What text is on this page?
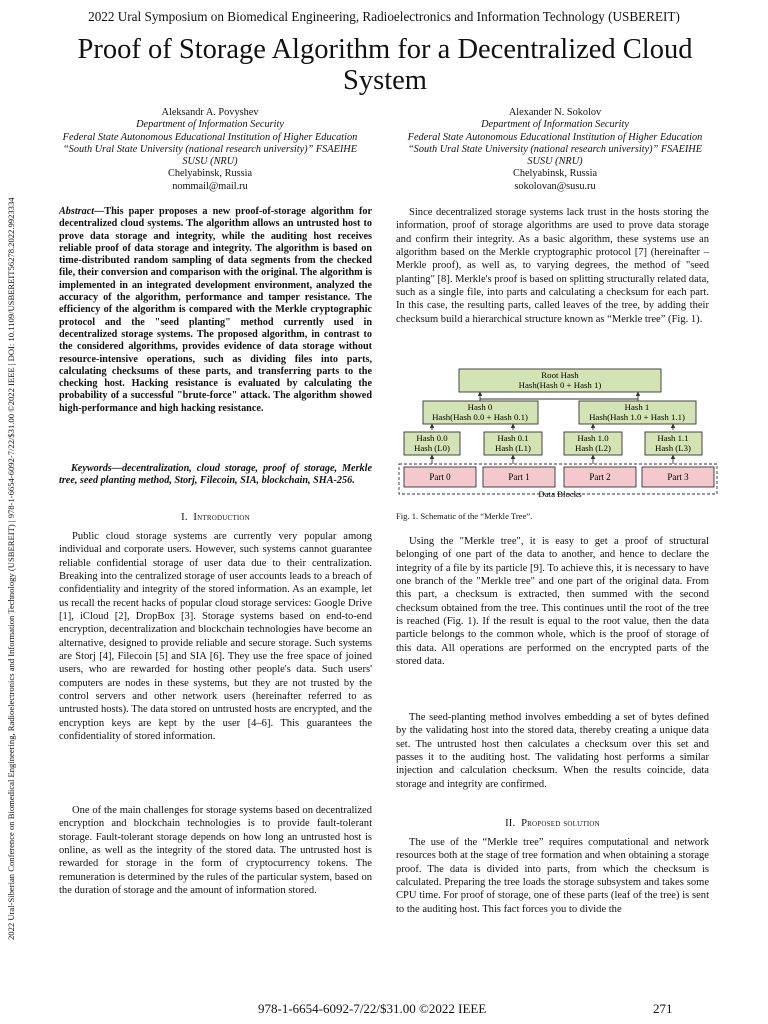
2022 Ural Symposium on Biomedical Engineering, Radioelectronics and Information Technology (USBEREIT)
Proof of Storage Algorithm for a Decentralized Cloud System
Aleksandr A. Povyshev
Department of Information Security
Federal State Autonomous Educational Institution of Higher Education “South Ural State University (national research university)” FSAEIHE SUSU (NRU)
Chelyabinsk, Russia
nommail@mail.ru
Alexander N. Sokolov
Department of Information Security
Federal State Autonomous Educational Institution of Higher Education “South Ural State University (national research university)” FSAEIHE SUSU (NRU)
Chelyabinsk, Russia
sokolovan@susu.ru
2022 Ural-Siberian Conference on Biomedical Engineering, Radioelectronics and Information Technology (USBEREIT) | 978-1-6654-6092-7/22/$31.00 ©2022 IEEE | DOI: 10.1109/USBEREIT56278.2022.9923334	Abstract—This paper proposes a new proof-of-storage algorithm for decentralized cloud systems. The algorithm allows an untrusted host to prove data storage and integrity, while the auditing host receives reliable proof of data storage and integrity. The algorithm is based on time-distributed random sampling of data segments from the checked file, their conversion and comparison with the original. The algorithm is implemented in an integrated development environment, analyzed the accuracy of the algorithm, performance and tamper resistance. The efficiency of the algorithm is compared with the Merkle cryptographic protocol and the "seed planting" method currently used in decentralized storage systems. The proposed algorithm, in contrast to the considered algorithms, provides evidence of data storage without resource-intensive operations, such as dividing files into parts, calculating checksums of these parts, and transferring parts to the checking host. Hacking resistance is evaluated by calculating the probability of a successful "brute-force" attack. The algorithm showed high-performance and high hacking resistance.
Keywords—decentralization, cloud storage, proof of storage, Merkle tree, seed planting method, Storj, Filecoin, SIA, blockchain, SHA-256.
I. Introduction
Public cloud storage systems are currently very popular among individual and corporate users. However, such systems cannot guarantee reliable confidential storage of user data due to their centralization. Breaking into the centralized storage of user accounts leads to a breach of confidentiality and integrity of the stored information. As an example, let us recall the recent hacks of popular cloud storage services: Google Drive [1], iCloud [2], DropBox [3]. Storage systems based on end-to-end encryption, decentralization and blockchain technologies have become an alternative, designed to provide reliable and secure storage. Such systems are Storj [4], Filecoin [5] and SIA [6]. They use the free space of joined users, who are rewarded for hosting other people's data. Such users' computers are nodes in these systems, but they are not trusted by the control servers and other network users (hereinafter referred to as untrusted hosts). The data stored on untrusted hosts are encrypted, and the encryption keys are kept by the user [4–6]. This guarantees the confidentiality of stored information.
One of the main challenges for storage systems based on decentralized encryption and blockchain technologies is to provide fault-tolerant storage. Fault-tolerant storage depends on how long an untrusted host is online, as well as the integrity of the stored data. The untrusted host is rewarded for storage in the form of cryptocurrency tokens. The remuneration is determined by the rules of the particular system, based on the duration of storage and the amount of information stored.
Since decentralized storage systems lack trust in the hosts storing the information, proof of storage algorithms are used to prove data storage and confirm their integrity. As a basic algorithm, these systems use an algorithm based on the Merkle cryptographic protocol [7] (hereinafter – Merkle proof), as well as, to varying degrees, the method of "seed planting" [8]. Merkle's proof is based on splitting structurally related data, such as a single file, into parts and calculating a checksum for each part. In this case, the resulting parts, called leaves of the tree, by adding their checksum build a hierarchical structure known as “Merkle tree” (Fig. 1).
Root Hash
Hash(Hash 0 + Hash 1)
Hash 0
Hash(Hash 0.0 + Hash 0.1)
Hash 1
Hash(Hash 1.0 + Hash 1.1)
Hash 0.0
Hash (L0)
Hash 0.1
Hash (L1)
Hash 1.0
Hash (L2)
Hash 1.1
Hash (L3)
Part 0	Part 1	Part 2	Part 3
Data Blocks
Fig. 1. Schematic of the “Merkle Tree”.
Using the "Merkle tree", it is easy to get a proof of structural belonging of one part of the data to another, and hence to declare the integrity of a file by its particle [9]. To achieve this, it is necessary to have one branch of the "Merkle tree" and one part of the original data. From this part, a checksum is extracted, then summed with the second checksum obtained from the tree. This continues until the root of the tree is reached (Fig. 1). If the result is equal to the root value, then the data particle belongs to the common whole, which is the proof of storage of this data. All operations are performed on the encrypted parts of the stored data.
The seed-planting method involves embedding a set of bytes defined by the validating host into the stored data, thereby creating a unique data set. The untrusted host then calculates a checksum over this set and passes it to the auditing host. The validating host performs a similar injection and calculation checksum. When the results coincide, data storage and integrity are confirmed.
II. Proposed solution
The use of the “Merkle tree” requires computational and network resources both at the stage of tree formation and when obtaining a storage proof. The data is divided into parts, from which the checksum is calculated. Preparing the tree loads the storage subsystem and takes some CPU time. For proof of storage, one of these parts (leaf of the tree) is sent to the auditing host. This fact forces you to divide the
978-1-6654-6092-7/22/$31.00 ©2022 IEEE	271
